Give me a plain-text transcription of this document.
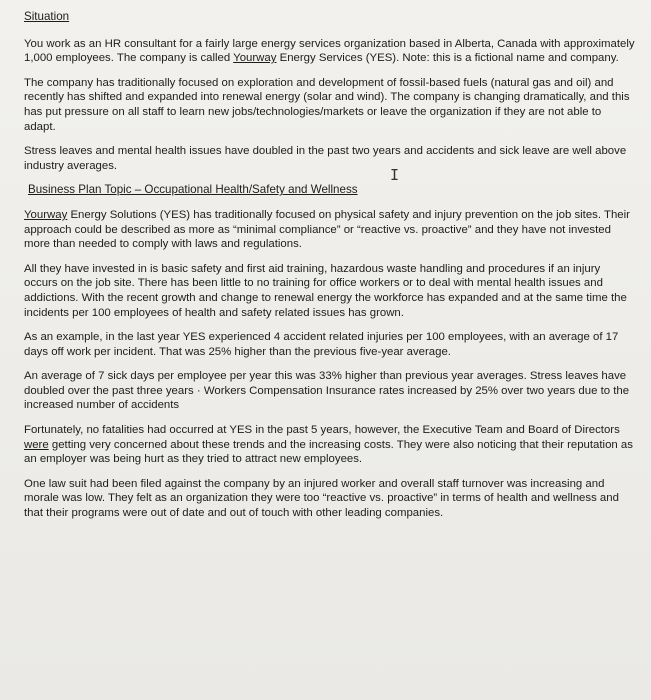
Situation

You work as an HR consultant for a fairly large energy services organization based in Alberta, Canada with approximately 1,000 employees. The company is called Yourway Energy Services (YES). Note: this is a fictional name and company.

The company has traditionally focused on exploration and development of fossil-based fuels (natural gas and oil) and recently has shifted and expanded into renewal energy (solar and wind). The company is changing dramatically, and this has put pressure on all staff to learn new jobs/technologies/markets or leave the organization if they are not able to adapt.

Stress leaves and mental health issues have doubled in the past two years and accidents and sick leave are well above industry averages.

Business Plan Topic – Occupational Health/Safety and Wellness

Yourway Energy Solutions (YES) has traditionally focused on physical safety and injury prevention on the job sites. Their approach could be described as more as “minimal compliance” or “reactive vs. proactive” and they have not invested more than needed to comply with laws and regulations.

All they have invested in is basic safety and first aid training, hazardous waste handling and procedures if an injury occurs on the job site. There has been little to no training for office workers or to deal with mental health issues and addictions. With the recent growth and change to renewal energy the workforce has expanded and at the same time the incidents per 100 employees of health and safety related issues has grown.

As an example, in the last year YES experienced 4 accident related injuries per 100 employees, with an average of 17 days off work per incident. That was 25% higher than the previous five-year average.

An average of 7 sick days per employee per year this was 33% higher than previous year averages. Stress leaves have doubled over the past three years · Workers Compensation Insurance rates increased by 25% over two years due to the increased number of accidents

Fortunately, no fatalities had occurred at YES in the past 5 years, however, the Executive Team and Board of Directors were getting very concerned about these trends and the increasing costs. They were also noticing that their reputation as an employer was being hurt as they tried to attract new employees.

One law suit had been filed against the company by an injured worker and overall staff turnover was increasing and morale was low. They felt as an organization they were too “reactive vs. proactive” in terms of health and wellness and that their programs were out of date and out of touch with other leading companies.

I
